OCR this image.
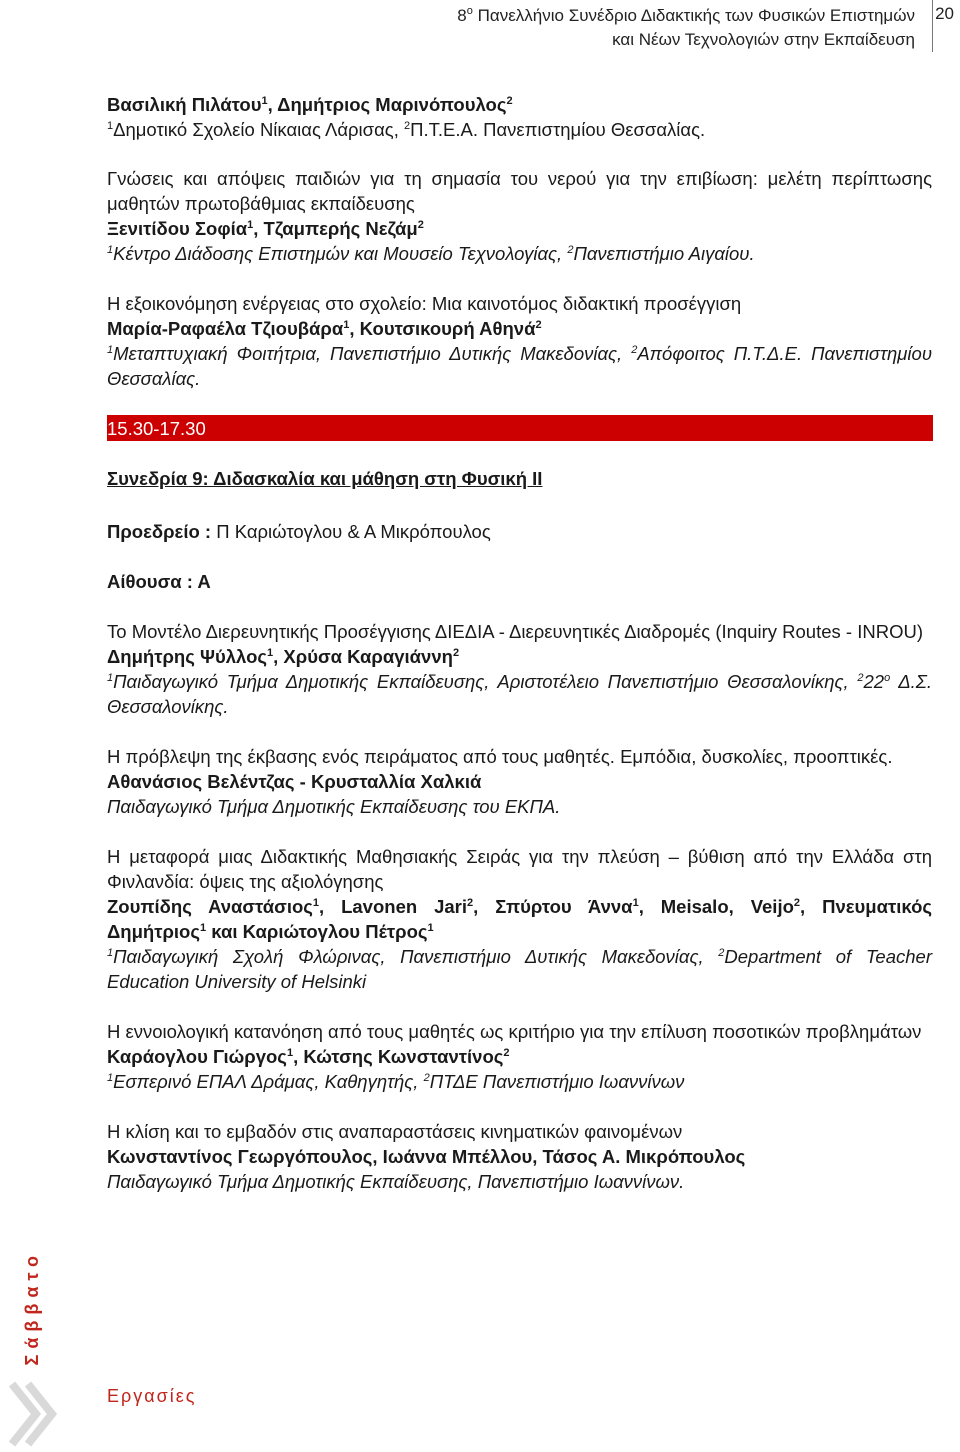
$8^o$ Πανελλήνιο Συνέδριο Διδακτικής των Φυσικών Επιστημών
και Νέων Τεχνολογιών στην Εκπαίδευση
20

Βασιλική Πιλάτου$^1$, Δημήτριος Μαρινόπουλος$^2$

$^1$Δημοτικό Σχολείο Νίκαιας Λάρισας, $^2$Π.Τ.Ε.Α. Πανεπιστημίου Θεσσαλίας.

Γνώσεις και απόψεις παιδιών για τη σημασία του νερού για την επιβίωση: μελέτη περίπτωσης μαθητών πρωτοβάθμιας εκπαίδευσης

Ξενιτίδου Σοφία$^1$, Τζαμπερής Νεζάμ$^2$

$^1$Κέντρο Διάδοσης Επιστημών και Μουσείο Τεχνολογίας, $^2$Πανεπιστήμιο Αιγαίου.

Η εξοικονόμηση ενέργειας στο σχολείο: Μια καινοτόμος διδακτική προσέγγιση

Μαρία-Ραφαέλα Τζιουβάρα$^1$, Κουτσικουρή Αθηνά$^2$

$^1$Μεταπτυχιακή Φοιτήτρια, Πανεπιστήμιο Δυτικής Μακεδονίας, $^2$Απόφοιτος Π.Τ.Δ.Ε. Πανεπιστημίου Θεσσαλίας.

15.30-17.30

Συνεδρία 9: Διδασκαλία και μάθηση στη Φυσική ΙΙ

Προεδρείο : Π Καριώτογλου & Α Μικρόπουλος

Αίθουσα : Α

Το Μοντέλο Διερευνητικής Προσέγγισης ΔΙΕΔΙΑ - Διερευνητικές Διαδρομές (Inquiry Routes - INROU)

Δημήτρης Ψύλλος$^1$, Χρύσα Καραγιάννη$^2$

$^1$Παιδαγωγικό Τμήμα Δημοτικής Εκπαίδευσης, Αριστοτέλειο Πανεπιστήμιο Θεσσαλονίκης, $^222^o$ Δ.Σ. Θεσσαλονίκης.

Η πρόβλεψη της έκβασης ενός πειράματος από τους μαθητές. Εμπόδια, δυσκολίες, προοπτικές.

Αθανάσιος Βελέντζας - Κρυσταλλία Χαλκιά

Παιδαγωγικό Τμήμα Δημοτικής Εκπαίδευσης του ΕΚΠΑ.

Η μεταφορά μιας Διδακτικής Μαθησιακής Σειράς για την πλεύση – βύθιση από την Ελλάδα στη Φινλανδία: όψεις της αξιολόγησης

Ζουπίδης Αναστάσιος$^1$, Lavonen Jari$^2$, Σπύρτου Άννα$^1$, Meisalo, Veijo$^2$, Πνευματικός Δημήτριος$^1$ και Καριώτογλου Πέτρος$^1$

$^1$Παιδαγωγική Σχολή Φλώρινας, Πανεπιστήμιο Δυτικής Μακεδονίας, $^2$Department of Teacher Education University of Helsinki

Η εννοιολογική κατανόηση από τους μαθητές ως κριτήριο για την επίλυση ποσοτικών προβλημάτων

Καράογλου Γιώργος$^1$, Κώτσης Κωνσταντίνος$^2$

$^1$Εσπερινό ΕΠΑΛ Δράμας, Καθηγητής, $^2$ΠΤΔΕ Πανεπιστήμιο Ιωαννίνων

Η κλίση και το εμβαδόν στις αναπαραστάσεις κινηματικών φαινομένων

Κωνσταντίνος Γεωργόπουλος, Ιωάννα Μπέλλου, Τάσος Α. Μικρόπουλος

Παιδαγωγικό Τμήμα Δημοτικής Εκπαίδευσης, Πανεπιστήμιο Ιωαννίνων.

Σάββατο
Εργασίες
